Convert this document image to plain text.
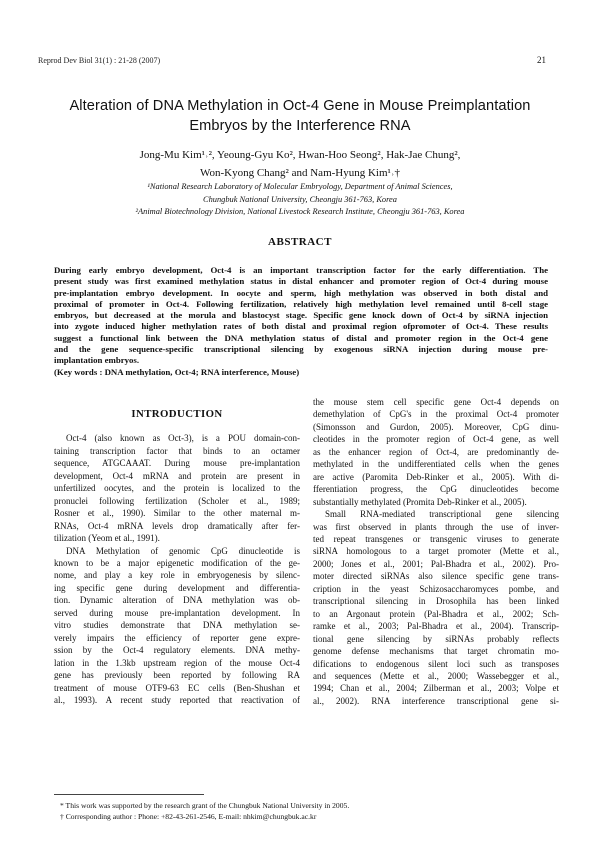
Reprod Dev Biol 31(1) : 21-28 (2007)	21
Alteration of DNA Methylation in Oct-4 Gene in Mouse Preimplantation
Embryos by the Interference RNA
Jong-Mu Kim¹˒², Yeoung-Gyu Ko², Hwan-Hoo Seong², Hak-Jae Chung²,
Won-Kyong Chang² and Nam-Hyung Kim¹˒†
¹National Research Laboratory of Molecular Embryology, Department of Animal Sciences,
Chungbuk National University, Cheongju 361-763, Korea
²Animal Biotechnology Division, National Livestock Research Institute, Cheongju 361-763, Korea
ABSTRACT
During early embryo development, Oct-4 is an important transcription factor for the early differentiation. The
present study was first examined methylation status in distal enhancer and promoter region of Oct-4 during mouse
pre-implantation embryo development. In oocyte and sperm, high methylation was observed in both distal and
proximal of promoter in Oct-4. Following fertilization, relatively high methylation level remained until 8-cell stage
embryos, but decreased at the morula and blastocyst stage. Specific gene knock down of Oct-4 by siRNA injection
into zygote induced higher methylation rates of both distal and proximal region ofpromoter of Oct-4. These results
suggest a functional link between the DNA methylation status of distal and promoter region in the Oct-4 gene
and the gene sequence-specific transcriptional silencing by exogenous siRNA injection during mouse pre-
implantation embryos.
(Key words : DNA methylation, Oct-4; RNA interference, Mouse)
INTRODUCTION

Oct-4 (also known as Oct-3), is a POU domain-con-
taining transcription factor that binds to an octamer
sequence, ATGCAAAT. During mouse pre-implantation
development, Oct-4 mRNA and protein are present in
unfertilized oocytes, and the protein is localized to the
pronuclei following fertilization (Scholer et al., 1989;
Rosner et al., 1990). Similar to the other maternal m-
RNAs, Oct-4 mRNA levels drop dramatically after fer-
tilization (Yeom et al., 1991).

DNA Methylation of genomic CpG dinucleotide is
known to be a major epigenetic modification of the ge-
nome, and play a key role in embryogenesis by silenc-
ing specific gene during development and differentia-
tion. Dynamic alteration of DNA methylation was ob-
served during mouse pre-implantation development. In
vitro studies demonstrate that DNA methylation se-
verely impairs the efficiency of reporter gene expre-
ssion by the Oct-4 regulatory elements. DNA methy-
lation in the 1.3kb upstream region of the mouse Oct-4
gene has previously been reported by following RA
treatment of mouse OTF9-63 EC cells (Ben-Shushan et
al., 1993). A recent study reported that reactivation of

the mouse stem cell specific gene Oct-4 depends on
demethylation of CpG's in the proximal Oct-4 promoter
(Simonsson and Gurdon, 2005). Moreover, CpG dinu-
cleotides in the promoter region of Oct-4 gene, as well
as the enhancer region of Oct-4, are predominantly de-
methylated in the undifferentiated cells when the genes
are active (Paromita Deb-Rinker et al., 2005). With di-
fferentiation progress, the CpG dinucleotides become
substantially methylated (Promita Deb-Rinker et al., 2005).

Small RNA-mediated transcriptional gene silencing
was first observed in plants through the use of inver-
ted repeat transgenes or transgenic viruses to generate
siRNA homologous to a target promoter (Mette et al.,
2000; Jones et al., 2001; Pal-Bhadra et al., 2002). Pro-
moter directed siRNAs also silence specific gene trans-
cription in the yeast Schizosaccharomyces pombe, and
transcriptional silencing in Drosophila has been linked
to an Argonaut protein (Pal-Bhadra et al., 2002; Sch-
ramke et al., 2003; Pal-Bhadra et al., 2004). Transcrip-
tional gene silencing by siRNAs probably reflects
genome defense mechanisms that target chromatin mo-
difications to endogenous silent loci such as transposes
and sequences (Mette et al., 2000; Wassebegger et al.,
1994; Chan et al., 2004; Zilberman et al., 2003; Volpe et
al., 2002). RNA interference transcriptional gene si-

* This work was supported by the research grant of the Chungbuk National University in 2005.
† Corresponding author : Phone: +82-43-261-2546, E-mail: nhkim@chungbuk.ac.kr
